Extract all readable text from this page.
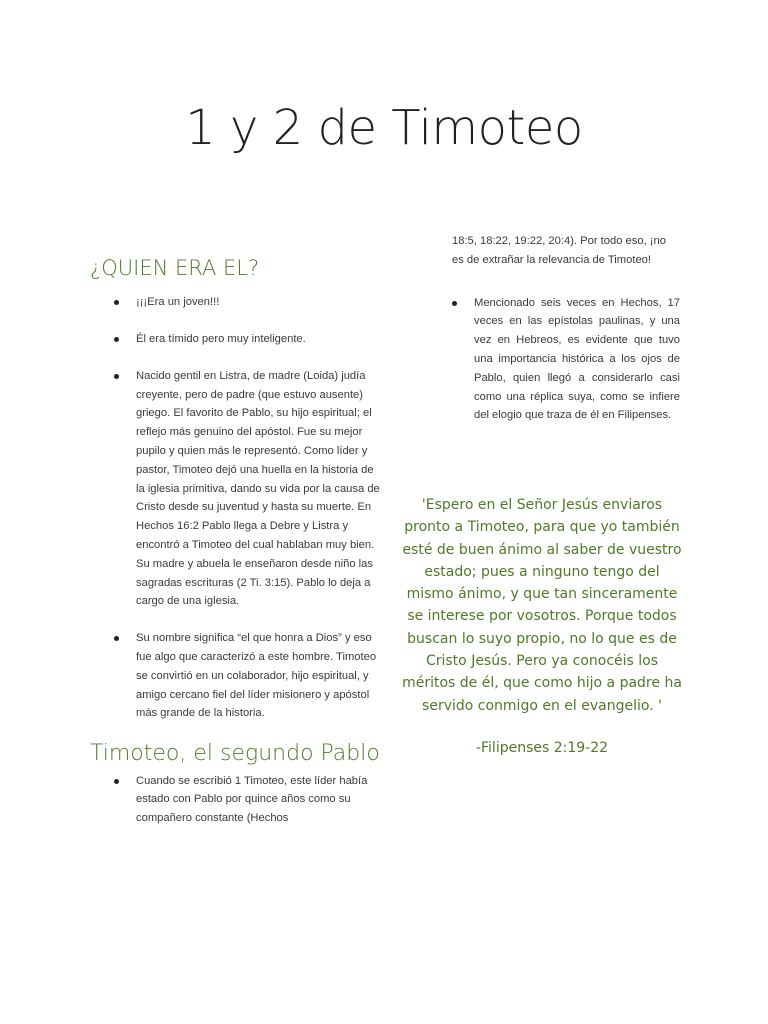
1 y 2 de Timoteo
¿QUIEN ERA EL?
¡¡¡Era un joven!!!
Él era tímido pero muy inteligente.
Nacido gentil en Listra, de madre (Loida) judía creyente, pero de padre (que estuvo ausente) griego. El favorito de Pablo, su hijo espiritual; el reflejo más genuino del apóstol. Fue su mejor pupilo y quien más le representó. Como líder y pastor, Timoteo dejó una huella en la historia de la iglesia primitiva, dando su vida por la causa de Cristo desde su juventud y hasta su muerte. En Hechos 16:2 Pablo llega a Debre y Listra y encontró a Timoteo del cual hablaban muy bien. Su madre y abuela le enseñaron desde niño las sagradas escrituras (2 Ti. 3:15). Pablo lo deja a cargo de una iglesia.
Su nombre significa “el que honra a Dios” y eso fue algo que caracterizó a este hombre. Timoteo se convirtió en un colaborador, hijo espiritual, y amigo cercano fiel del líder misionero y apóstol más grande de la historia.
Timoteo, el segundo Pablo
Cuando se escribió 1 Timoteo, este líder había estado con Pablo por quince años como su compañero constante (Hechos

18:5, 18:22, 19:22, 20:4). Por todo eso, ¡no es de extrañar la relevancia de Timoteo!

Mencionado seis veces en Hechos, 17 veces en las epístolas paulinas, y una vez en Hebreos, es evidente que tuvo una importancia histórica a los ojos de Pablo, quien llegó a considerarlo casi como una réplica suya, como se infiere del elogio que traza de él en Filipenses.

'Espero en el Señor Jesús enviaros pronto a Timoteo, para que yo también esté de buen ánimo al saber de vuestro estado; pues a ninguno tengo del mismo ánimo, y que tan sinceramente se interese por vosotros. Porque todos buscan lo suyo propio, no lo que es de Cristo Jesús. Pero ya conocéis los méritos de él, que como hijo a padre ha servido conmigo en el evangelio. '

-Filipenses 2:19-22
